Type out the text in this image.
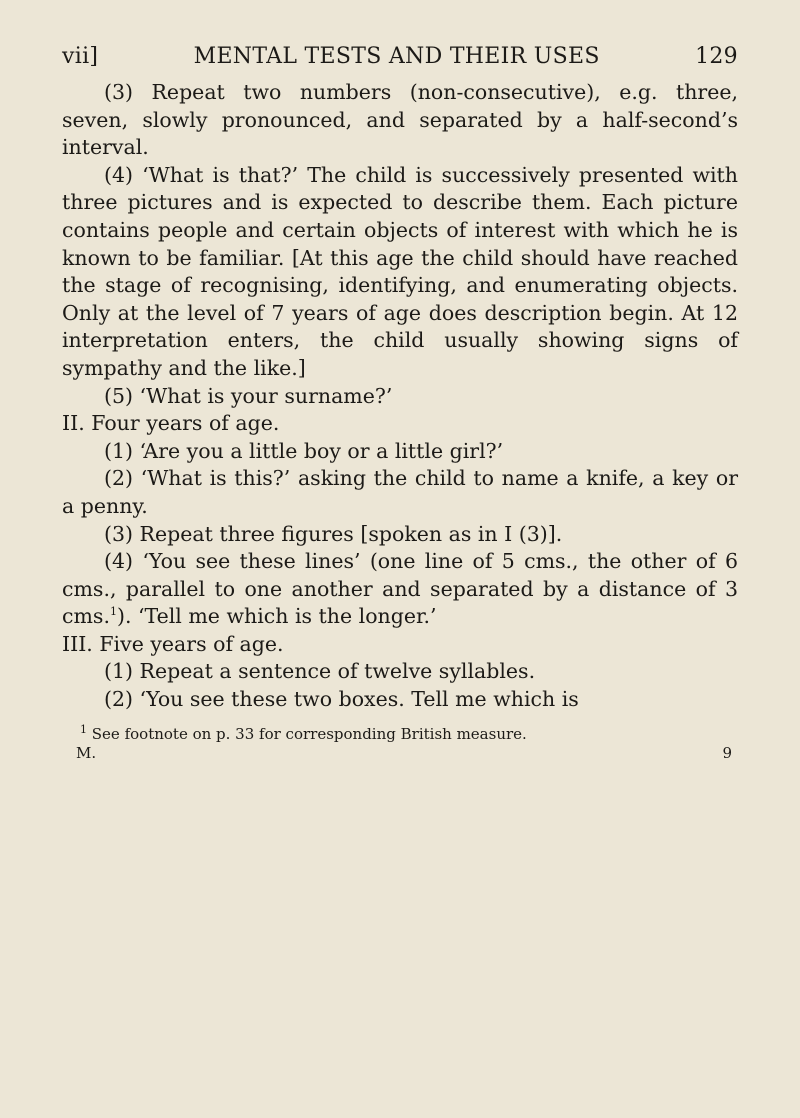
vii]	MENTAL TESTS AND THEIR USES	129

(3) Repeat two numbers (non-consecutive), e.g. three, seven, slowly pronounced, and separated by a half-second’s interval.

(4) ‘What is that?’ The child is successively presented with three pictures and is expected to describe them. Each picture contains people and certain objects of interest with which he is known to be familiar. [At this age the child should have reached the stage of recognising, identifying, and enumerating objects. Only at the level of 7 years of age does description begin. At 12 interpretation enters, the child usually showing signs of sympathy and the like.]

(5) ‘What is your surname?’

II. Four years of age.

(1) ‘Are you a little boy or a little girl?’

(2) ‘What is this?’ asking the child to name a knife, a key or a penny.

(3) Repeat three figures [spoken as in I (3)].

(4) ‘You see these lines’ (one line of 5 cms., the other of 6 cms., parallel to one another and separated by a distance of 3 cms.$^1$). ‘Tell me which is the longer.’

III. Five years of age.

(1) Repeat a sentence of twelve syllables.

(2) ‘You see these two boxes. Tell me which is

$^1$ See footnote on p. 33 for corresponding British measure.
M.	9
